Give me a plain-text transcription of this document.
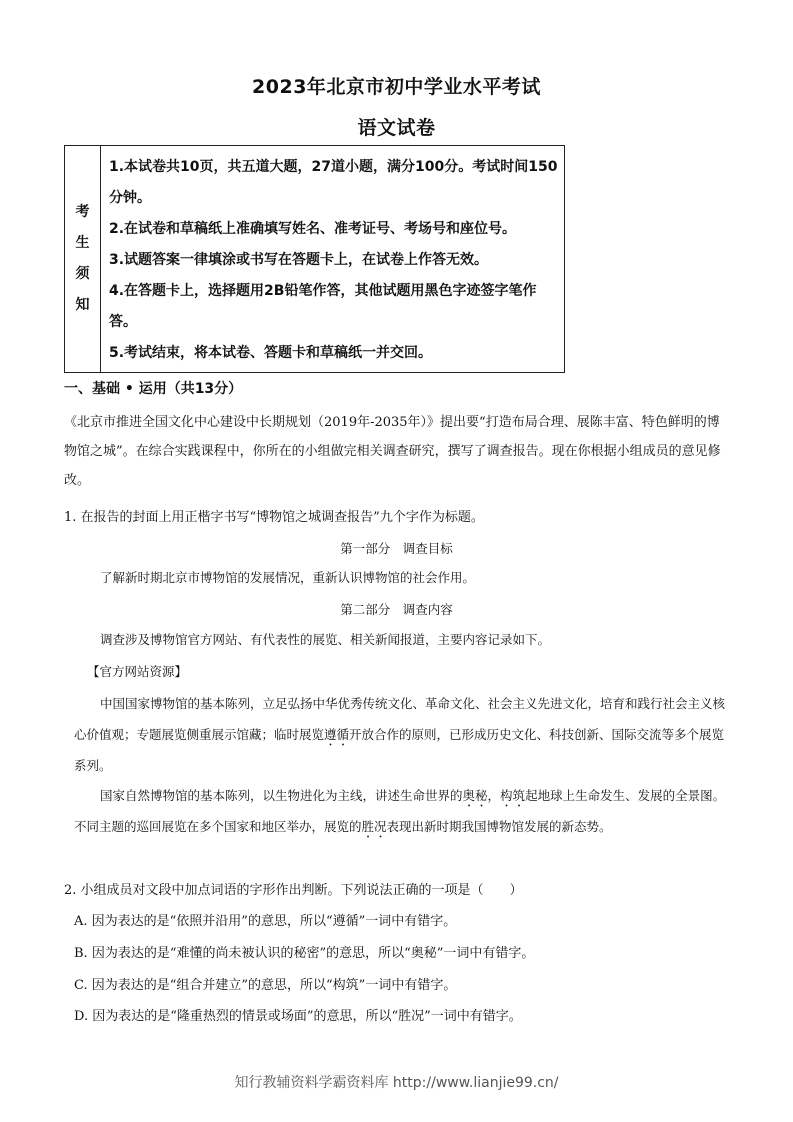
2023年北京市初中学业水平考试
语文试卷
考
生
须
知
1.本试卷共10页，共五道大题，27道小题，满分100分。考试时间150分钟。
2.在试卷和草稿纸上准确填写姓名、准考证号、考场号和座位号。
3.试题答案一律填涂或书写在答题卡上，在试卷上作答无效。
4.在答题卡上，选择题用2B铅笔作答，其他试题用黑色字迹签字笔作答。
5.考试结束，将本试卷、答题卡和草稿纸一并交回。
一、基础 • 运用（共13分）
《北京市推进全国文化中心建设中长期规划（2019年-2035年）》提出要“打造布局合理、展陈丰富、特色鲜明的博物馆之城”。在综合实践课程中，你所在的小组做完相关调查研究，撰写了调查报告。现在你根据小组成员的意见修改。
1. 在报告的封面上用正楷字书写“博物馆之城调查报告”九个字作为标题。
第一部分　调查目标
了解新时期北京市博物馆的发展情况，重新认识博物馆的社会作用。
第二部分　调查内容
调查涉及博物馆官方网站、有代表性的展览、相关新闻报道，主要内容记录如下。
【官方网站资源】
中国国家博物馆的基本陈列，立足弘扬中华优秀传统文化、革命文化、社会主义先进文化，培育和践行社会主义核心价值观；专题展览侧重展示馆藏；临时展览遵循开放合作的原则，已形成历史文化、科技创新、国际交流等多个展览系列。
国家自然博物馆的基本陈列，以生物进化为主线，讲述生命世界的奥秘，构筑起地球上生命发生、发展的全景图。不同主题的巡回展览在多个国家和地区举办，展览的胜况表现出新时期我国博物馆发展的新态势。
2. 小组成员对文段中加点词语的字形作出判断。下列说法正确的一项是（　　）
A. 因为表达的是“依照并沿用”的意思，所以“遵循”一词中有错字。
B. 因为表达的是“难懂的尚未被认识的秘密”的意思，所以“奥秘”一词中有错字。
C. 因为表达的是“组合并建立”的意思，所以“构筑”一词中有错字。
D. 因为表达的是“隆重热烈的情景或场面”的意思，所以“胜况”一词中有错字。
知行教辅资料学霸资料库 http://www.lianjie99.cn/
